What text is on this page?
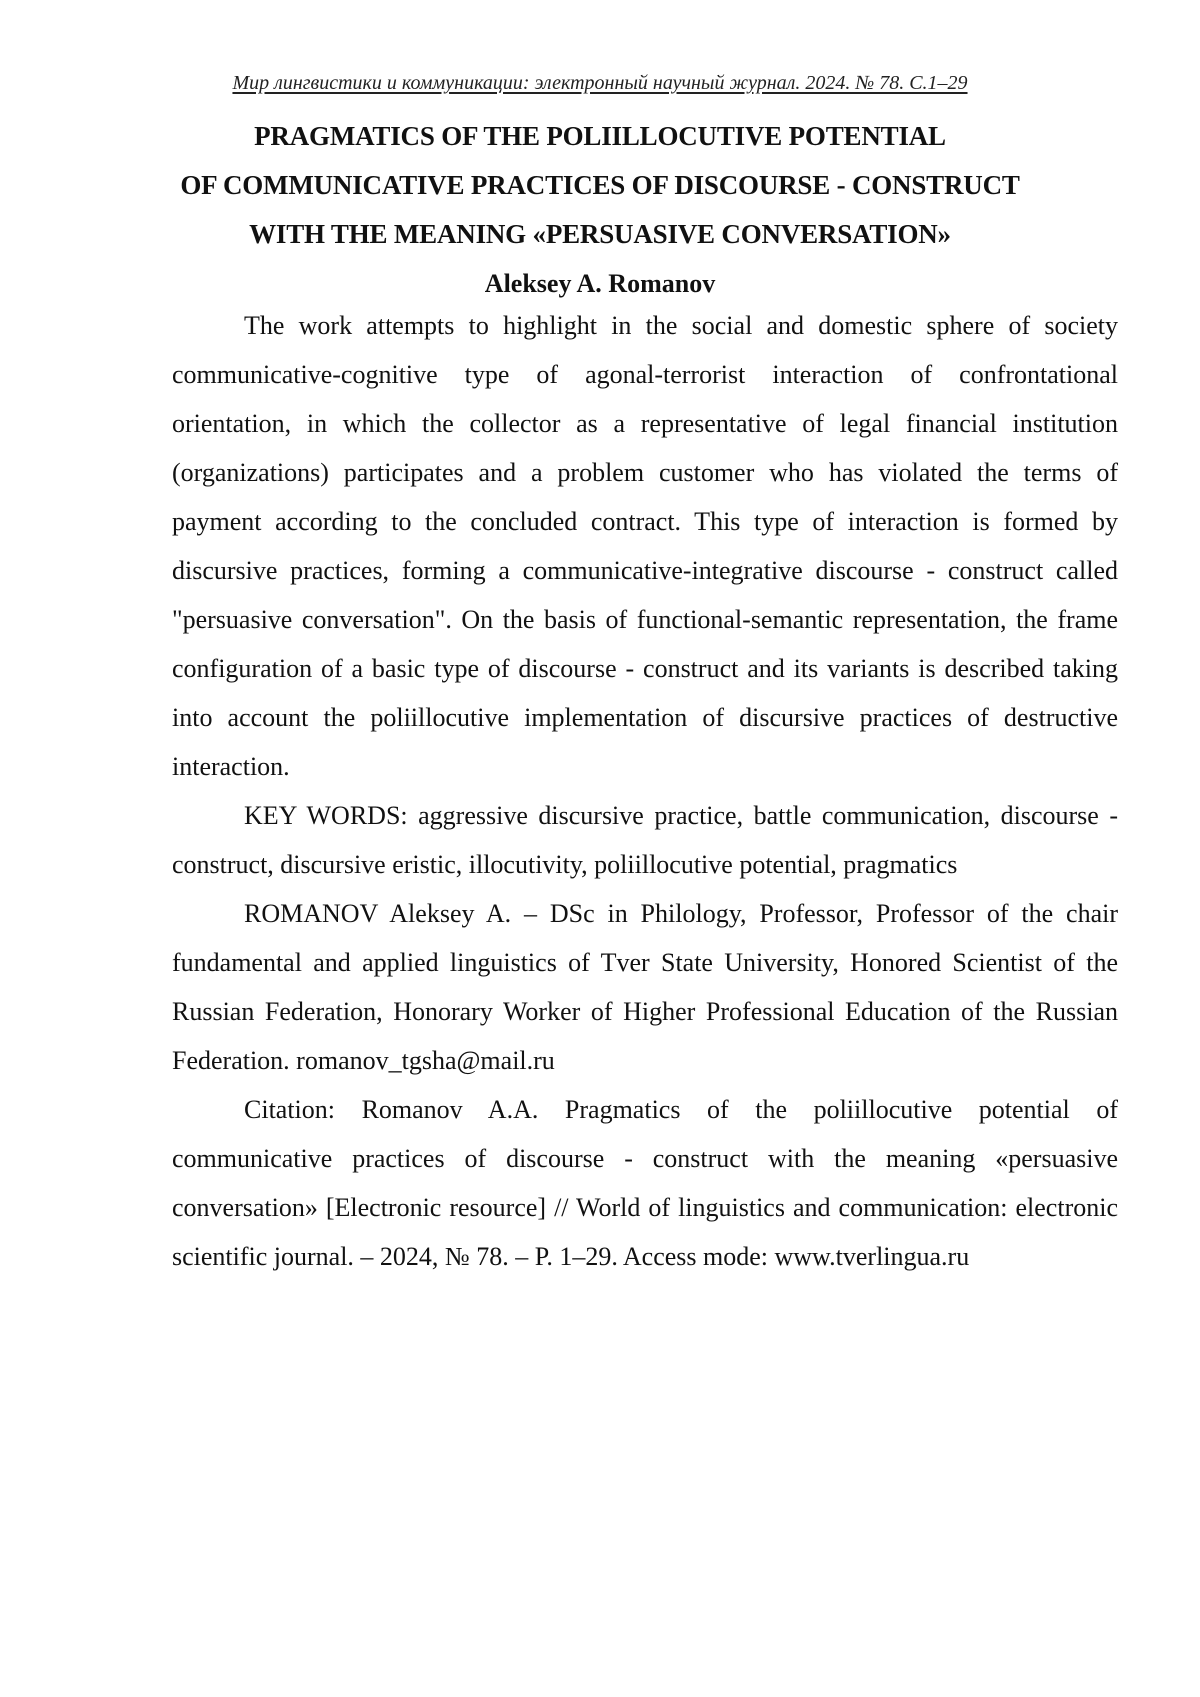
Мир лингвистики и коммуникации: электронный научный журнал. 2024. № 78. С.1–29
PRAGMATICS OF THE POLIILLOCUTIVE POTENTIAL
OF COMMUNICATIVE PRACTICES OF DISCOURSE - CONSTRUCT
WITH THE MEANING «PERSUASIVE CONVERSATION»
Aleksey A. Romanov

The work attempts to highlight in the social and domestic sphere of society communicative-cognitive type of agonal-terrorist interaction of confrontational orientation, in which the collector as a representative of legal financial institution (organizations) participates and a problem customer who has violated the terms of payment according to the concluded contract. This type of interaction is formed by discursive practices, forming a communicative-integrative discourse - construct called "persuasive conversation". On the basis of functional-semantic representation, the frame configuration of a basic type of discourse - construct and its variants is described taking into account the poliillocutive implementation of discursive practices of destructive interaction.

KEY WORDS: aggressive discursive practice, battle communication, discourse - construct, discursive eristic, illocutivity, poliillocutive potential, pragmatics

ROMANOV Aleksey A. – DSc in Philology, Professor, Professor of the chair fundamental and applied linguistics of Tver State University, Honored Scientist of the Russian Federation, Honorary Worker of Higher Professional Education of the Russian Federation. romanov_tgsha@mail.ru

Citation: Romanov A.A. Pragmatics of the poliillocutive potential of communicative practices of discourse - construct with the meaning «persuasive conversation» [Electronic resource] // World of linguistics and communication: electronic scientific journal. – 2024, № 78. – P. 1–29. Access mode: www.tverlingua.ru
